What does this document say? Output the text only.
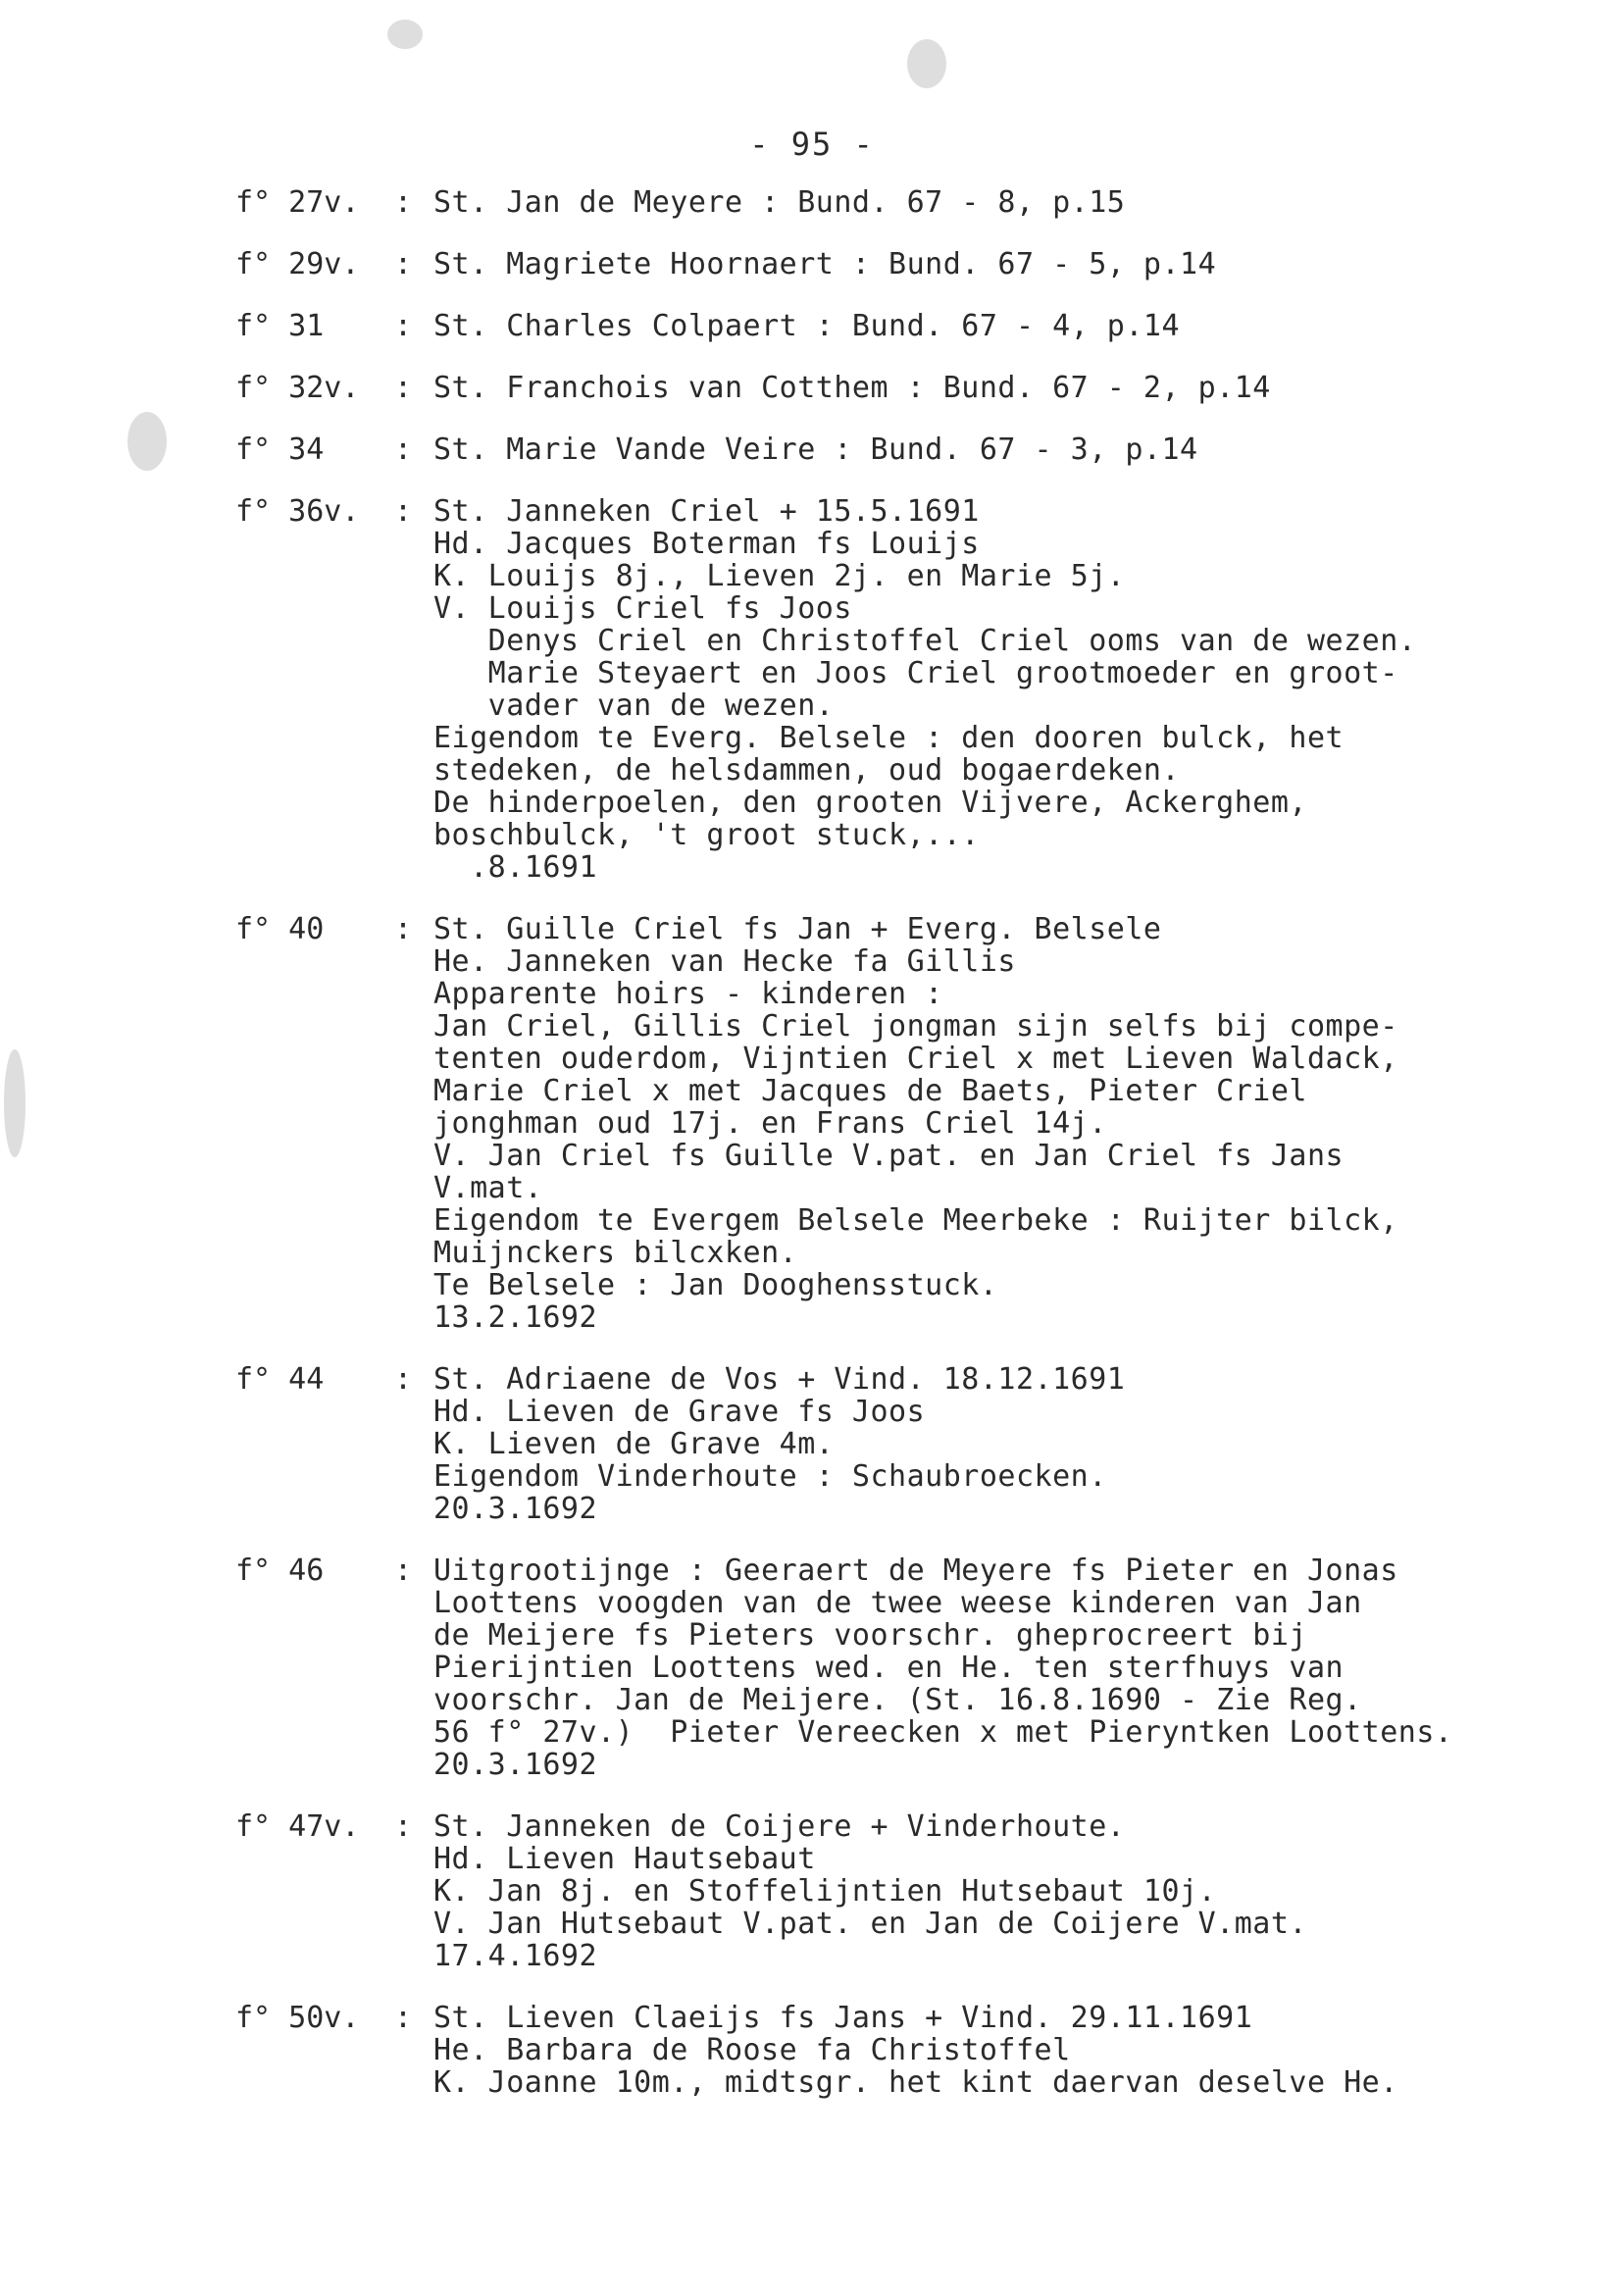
- 95 -
f° 27v.	: St. Jan de Meyere : Bund. 67 - 8, p.15
f° 29v.	: St. Magriete Hoornaert : Bund. 67 - 5, p.14
f° 31	: St. Charles Colpaert : Bund. 67 - 4, p.14
f° 32v.	: St. Franchois van Cotthem : Bund. 67 - 2, p.14
f° 34	: St. Marie Vande Veire : Bund. 67 - 3, p.14
f° 36v.	: St. Janneken Criel + 15.5.1691
Hd. Jacques Boterman fs Louijs
K. Louijs 8j., Lieven 2j. en Marie 5j.
V. Louijs Criel fs Joos
Denys Criel en Christoffel Criel ooms van de wezen.
Marie Steyaert en Joos Criel grootmoeder en groot-
vader van de wezen.
Eigendom te Everg. Belsele : den dooren bulck, het
stedeken, de helsdammen, oud bogaerdeken.
De hinderpoelen, den grooten Vijvere, Ackerghem,
boschbulck, 't groot stuck,...
.8.1691
f° 40	: St. Guille Criel fs Jan + Everg. Belsele
He. Janneken van Hecke fa Gillis
Apparente hoirs - kinderen :
Jan Criel, Gillis Criel jongman sijn selfs bij compe-
tenten ouderdom, Vijntien Criel x met Lieven Waldack,
Marie Criel x met Jacques de Baets, Pieter Criel
jonghman oud 17j. en Frans Criel 14j.
V. Jan Criel fs Guille V.pat. en Jan Criel fs Jans
V.mat.
Eigendom te Evergem Belsele Meerbeke : Ruijter bilck,
Muijnckers bilcxken.
Te Belsele : Jan Dooghensstuck.
13.2.1692
f° 44	: St. Adriaene de Vos + Vind. 18.12.1691
Hd. Lieven de Grave fs Joos
K. Lieven de Grave 4m.
Eigendom Vinderhoute : Schaubroecken.
20.3.1692
f° 46	: Uitgrootijnge : Geeraert de Meyere fs Pieter en Jonas
Loottens voogden van de twee weese kinderen van Jan
de Meijere fs Pieters voorschr. gheprocreert bij
Pierijntien Loottens wed. en He. ten sterfhuys van
voorschr. Jan de Meijere. (St. 16.8.1690 - Zie Reg.
56 f° 27v.)  Pieter Vereecken x met Pieryntken Loottens.
20.3.1692
f° 47v.	: St. Janneken de Coijere + Vinderhoute.
Hd. Lieven Hautsebaut
K. Jan 8j. en Stoffelijntien Hutsebaut 10j.
V. Jan Hutsebaut V.pat. en Jan de Coijere V.mat.
17.4.1692
f° 50v.	: St. Lieven Claeijs fs Jans + Vind. 29.11.1691
He. Barbara de Roose fa Christoffel
K. Joanne 10m., midtsgr. het kint daervan deselve He.
